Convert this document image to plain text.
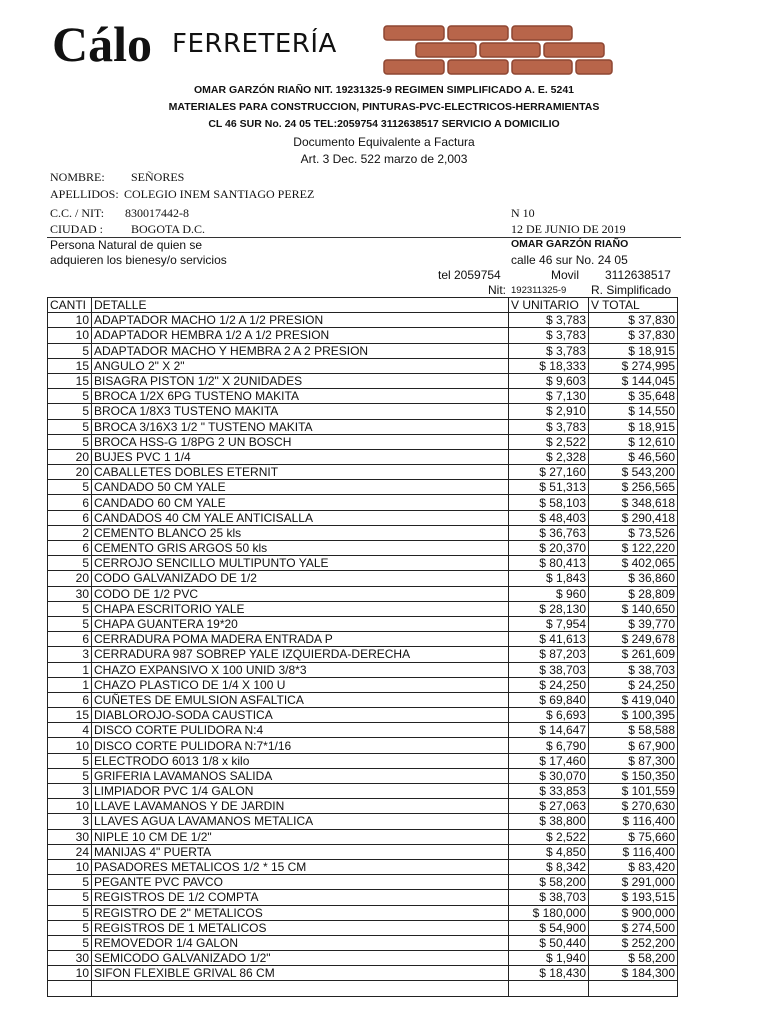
Cálo FERRETERÍA
OMAR GARZÓN RIAÑO NIT. 19231325-9 REGIMEN SIMPLIFICADO A. E. 5241
MATERIALES PARA CONSTRUCCION, PINTURAS-PVC-ELECTRICOS-HERRAMIENTAS
CL 46 SUR No. 24 05 TEL:2059754 3112638517 SERVICIO A DOMICILIO
Documento Equivalente a Factura
Art. 3 Dec. 522 marzo de 2,003
NOMBRE: SEÑORES
APELLIDOS: COLEGIO INEM SANTIAGO PEREZ
C.C. / NIT: 830017442-8	N 10
CIUDAD : BOGOTA D.C.	12 DE JUNIO DE 2019
Persona Natural de quien se
adquieren los bienesy/o servicios
OMAR GARZÓN RIAÑO
calle 46 sur No. 24 05
tel 2059754	Movil 3112638517
Nit: 192311325-9 R. Simplificado
CANTI	DETALLE	V UNITARIO	V TOTAL
10	ADAPTADOR MACHO 1/2 A 1/2 PRESION	$ 3,783	$ 37,830
10	ADAPTADOR HEMBRA 1/2 A 1/2 PRESION	$ 3,783	$ 37,830
5	ADAPTADOR MACHO Y HEMBRA 2 A 2 PRESION	$ 3,783	$ 18,915
15	ANGULO 2" X 2"	$ 18,333	$ 274,995
15	BISAGRA PISTON 1/2" X 2UNIDADES	$ 9,603	$ 144,045
5	BROCA 1/2X 6PG TUSTENO MAKITA	$ 7,130	$ 35,648
5	BROCA 1/8X3 TUSTENO MAKITA	$ 2,910	$ 14,550
5	BROCA 3/16X3 1/2 " TUSTENO MAKITA	$ 3,783	$ 18,915
5	BROCA HSS-G 1/8PG 2 UN BOSCH	$ 2,522	$ 12,610
20	BUJES PVC 1 1/4	$ 2,328	$ 46,560
20	CABALLETES DOBLES ETERNIT	$ 27,160	$ 543,200
5	CANDADO 50 CM YALE	$ 51,313	$ 256,565
6	CANDADO 60 CM YALE	$ 58,103	$ 348,618
6	CANDADOS 40 CM YALE ANTICISALLA	$ 48,403	$ 290,418
2	CEMENTO BLANCO 25 kls	$ 36,763	$ 73,526
6	CEMENTO GRIS ARGOS 50 kls	$ 20,370	$ 122,220
5	CERROJO SENCILLO MULTIPUNTO YALE	$ 80,413	$ 402,065
20	CODO GALVANIZADO DE 1/2	$ 1,843	$ 36,860
30	CODO DE 1/2 PVC	$ 960	$ 28,809
5	CHAPA ESCRITORIO YALE	$ 28,130	$ 140,650
5	CHAPA GUANTERA 19*20	$ 7,954	$ 39,770
6	CERRADURA POMA MADERA ENTRADA P	$ 41,613	$ 249,678
3	CERRADURA 987 SOBREP YALE IZQUIERDA-DERECHA	$ 87,203	$ 261,609
1	CHAZO EXPANSIVO X 100 UNID 3/8*3	$ 38,703	$ 38,703
1	CHAZO PLASTICO DE 1/4 X 100 U	$ 24,250	$ 24,250
6	CUÑETES DE EMULSION ASFALTICA	$ 69,840	$ 419,040
15	DIABLOROJO-SODA CAUSTICA	$ 6,693	$ 100,395
4	DISCO CORTE PULIDORA N:4	$ 14,647	$ 58,588
10	DISCO CORTE PULIDORA N:7*1/16	$ 6,790	$ 67,900
5	ELECTRODO 6013 1/8 x kilo	$ 17,460	$ 87,300
5	GRIFERIA LAVAMANOS SALIDA	$ 30,070	$ 150,350
3	LIMPIADOR PVC 1/4 GALON	$ 33,853	$ 101,559
10	LLAVE LAVAMANOS Y DE JARDIN	$ 27,063	$ 270,630
3	LLAVES AGUA LAVAMANOS METALICA	$ 38,800	$ 116,400
30	NIPLE 10 CM DE 1/2"	$ 2,522	$ 75,660
24	MANIJAS 4" PUERTA	$ 4,850	$ 116,400
10	PASADORES METALICOS 1/2 * 15 CM	$ 8,342	$ 83,420
5	PEGANTE PVC PAVCO	$ 58,200	$ 291,000
5	REGISTROS DE 1/2 COMPTA	$ 38,703	$ 193,515
5	REGISTRO DE 2" METALICOS	$ 180,000	$ 900,000
5	REGISTROS DE 1 METALICOS	$ 54,900	$ 274,500
5	REMOVEDOR 1/4 GALON	$ 50,440	$ 252,200
30	SEMICODO GALVANIZADO 1/2"	$ 1,940	$ 58,200
10	SIFON FLEXIBLE GRIVAL 86 CM	$ 18,430	$ 184,300
